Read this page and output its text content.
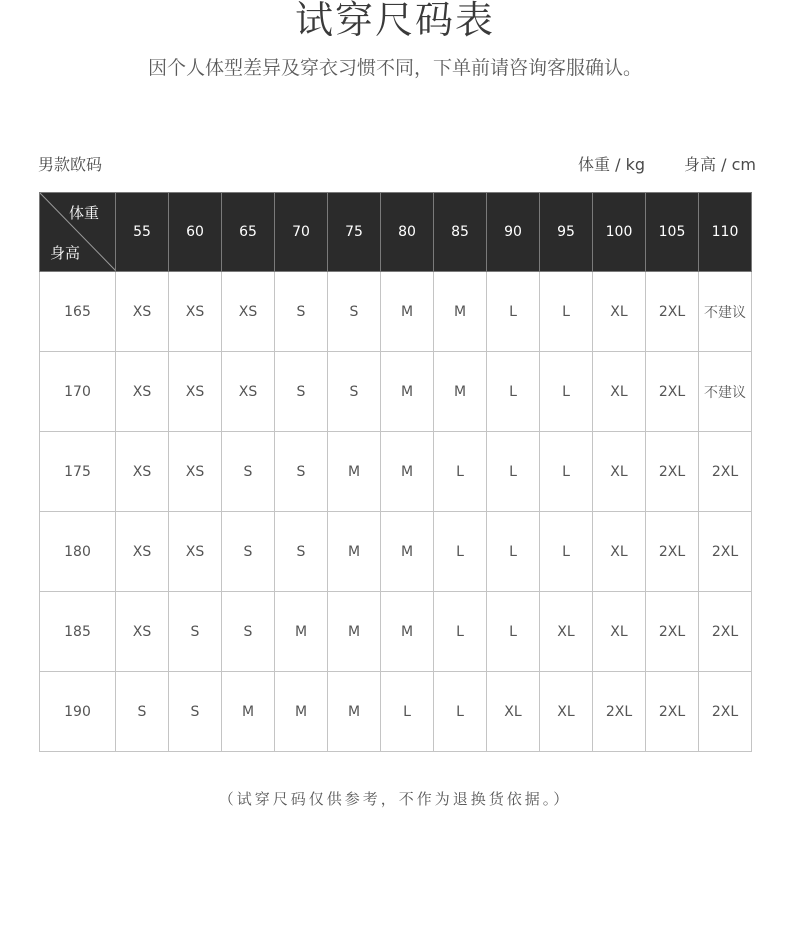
试穿尺码表
因个人体型差异及穿衣习惯不同，下单前请咨询客服确认。
男款欧码	体重 / kg 身高 / cm
体重
身高	55	60	65	70	75	80	85	90	95	100	105	110
165	XS	XS	XS	S	S	M	M	L	L	XL	2XL	不建议
170	XS	XS	XS	S	S	M	M	L	L	XL	2XL	不建议
175	XS	XS	S	S	M	M	L	L	L	XL	2XL	2XL
180	XS	XS	S	S	M	M	L	L	L	XL	2XL	2XL
185	XS	S	S	M	M	M	L	L	XL	XL	2XL	2XL
190	S	S	M	M	M	L	L	XL	XL	2XL	2XL	2XL
（试穿尺码仅供参考，不作为退换货依据。）
